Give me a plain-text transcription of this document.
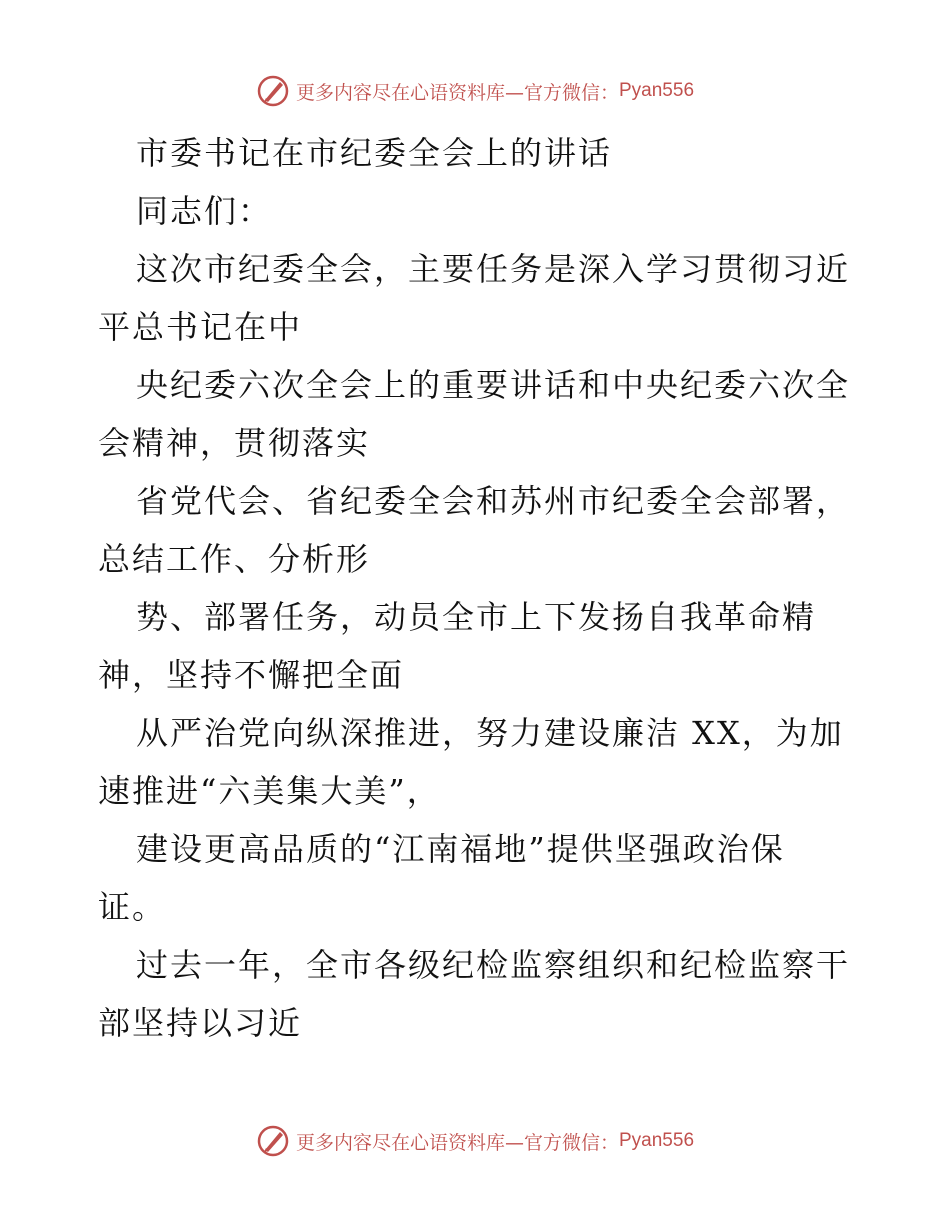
更多内容尽在心语资料库—官方微信： Pyan556
市委书记在市纪委全会上的讲话
同志们：
这次市纪委全会，主要任务是深入学习贯彻习近
平总书记在中
央纪委六次全会上的重要讲话和中央纪委六次全
会精神，贯彻落实
省党代会、省纪委全会和苏州市纪委全会部署，
总结工作、分析形
势、部署任务，动员全市上下发扬自我革命精
神，坚持不懈把全面
从严治党向纵深推进，努力建设廉洁 XX，为加
速推进“六美集大美”，
建设更高品质的“江南福地”提供坚强政治保
证。
过去一年，全市各级纪检监察组织和纪检监察干
部坚持以习近
更多内容尽在心语资料库—官方微信： Pyan556
